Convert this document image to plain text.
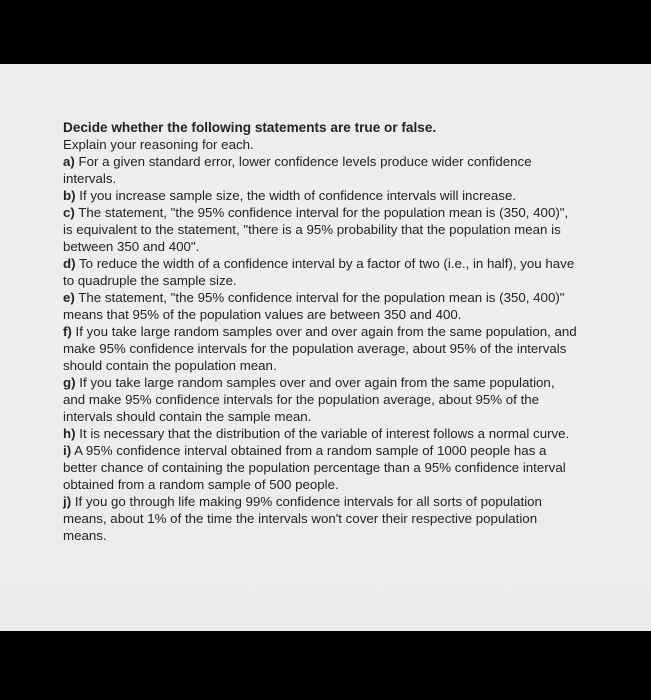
Decide whether the following statements are true or false.
Explain your reasoning for each.
a) For a given standard error, lower confidence levels produce wider confidence
intervals.
b) If you increase sample size, the width of confidence intervals will increase.
c) The statement, "the 95% confidence interval for the population mean is (350, 400)",
is equivalent to the statement, "there is a 95% probability that the population mean is
between 350 and 400".
d) To reduce the width of a confidence interval by a factor of two (i.e., in half), you have
to quadruple the sample size.
e) The statement, "the 95% confidence interval for the population mean is (350, 400)"
means that 95% of the population values are between 350 and 400.
f) If you take large random samples over and over again from the same population, and
make 95% confidence intervals for the population average, about 95% of the intervals
should contain the population mean.
g) If you take large random samples over and over again from the same population,
and make 95% confidence intervals for the population average, about 95% of the
intervals should contain the sample mean.
h) It is necessary that the distribution of the variable of interest follows a normal curve.
i) A 95% confidence interval obtained from a random sample of 1000 people has a
better chance of containing the population percentage than a 95% confidence interval
obtained from a random sample of 500 people.
j) If you go through life making 99% confidence intervals for all sorts of population
means, about 1% of the time the intervals won't cover their respective population
means.
